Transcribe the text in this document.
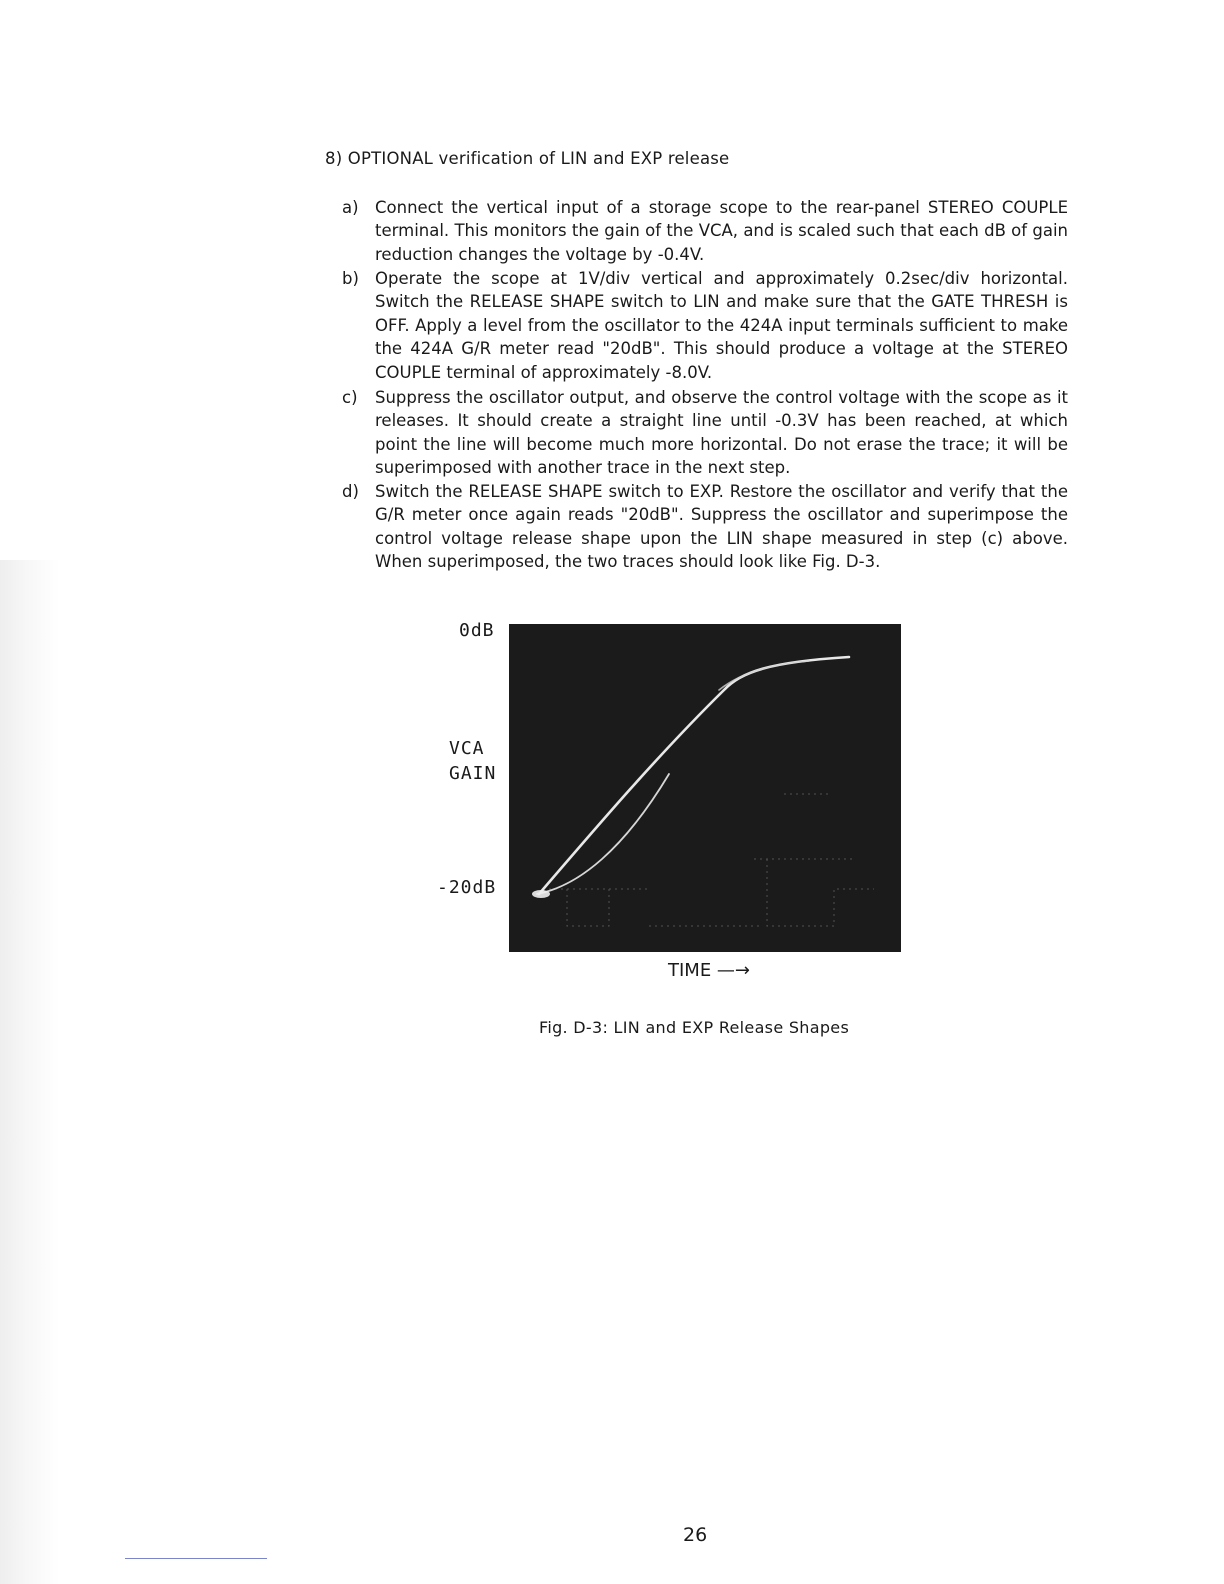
8) OPTIONAL verification of LIN and EXP release
a) Connect the vertical input of a storage scope to the rear-panel STEREO COUPLE terminal. This monitors the gain of the VCA, and is scaled such that each dB of gain reduction changes the voltage by -0.4V.
b) Operate the scope at 1V/div vertical and approximately 0.2sec/div horizontal. Switch the RELEASE SHAPE switch to LIN and make sure that the GATE THRESH is OFF. Apply a level from the oscillator to the 424A input terminals sufficient to make the 424A G/R meter read "20dB". This should produce a voltage at the STEREO COUPLE terminal of approximately -8.0V.
c)	Suppress the oscillator output, and observe the control voltage with the scope as it releases. It should create a straight line until -0.3V has been reached, at which point the line will become much more horizontal. Do not erase the trace; it will be superimposed with another trace in the next step.
d) Switch the RELEASE SHAPE switch to EXP. Restore the oscillator and verify that the G/R meter once again reads "20dB". Suppress the oscillator and superimpose the control voltage release shape upon the LIN shape measured in step (c) above. When superimposed, the two traces should look like Fig. D-3.
0dB
VCA
GAIN
-20dB
TIME —→
Fig. D-3: LIN and EXP Release Shapes
26
